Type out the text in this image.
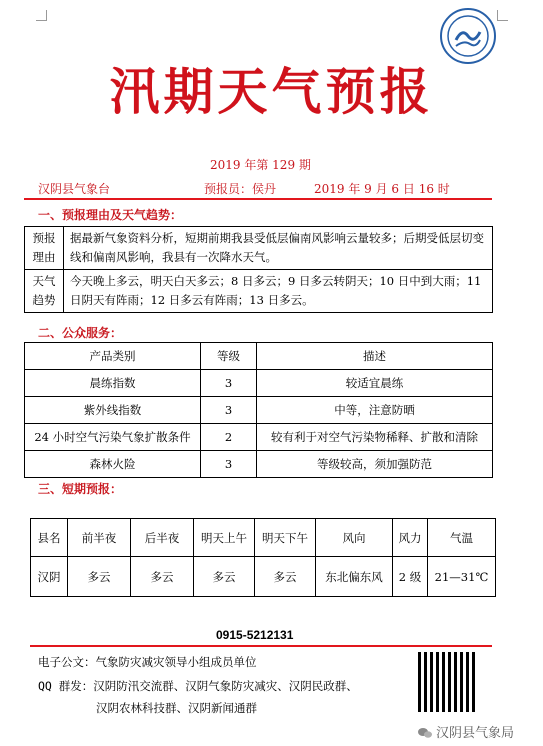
汛期天气预报
2019 年第 129 期
汉阴县气象台	预报员：侯丹	2019 年 9 月 6 日 16 时
一、预报理由及天气趋势：
预报理由	据最新气象资料分析，短期前期我县受低层偏南风影响云量较多；后期受低层切变线和偏南风影响，我县有一次降水天气。
天气趋势	今天晚上多云，明天白天多云；8 日多云；9 日多云转阴天；10 日中到大雨；11 日阴天有阵雨；12 日多云有阵雨；13 日多云。
二、公众服务：
产品类别	等级	描述
晨练指数	3	较适宜晨练
紫外线指数	3	中等，注意防晒
24 小时空气污染气象扩散条件	2	较有利于对空气污染物稀释、扩散和清除
森林火险	3	等级较高，须加强防范
三、短期预报：
县名	前半夜	后半夜	明天上午	明天下午	风向	风力	气温
汉阴	多云	多云	多云	多云	东北偏东风	2 级	21—31℃
0915-5212131
电子公文：气象防灾减灾领导小组成员单位
QQ 群发：汉阴防汛交流群、汉阴气象防灾减灾、汉阴民政群、
汉阴农林科技群、汉阴新闻通群
汉阴县气象局
